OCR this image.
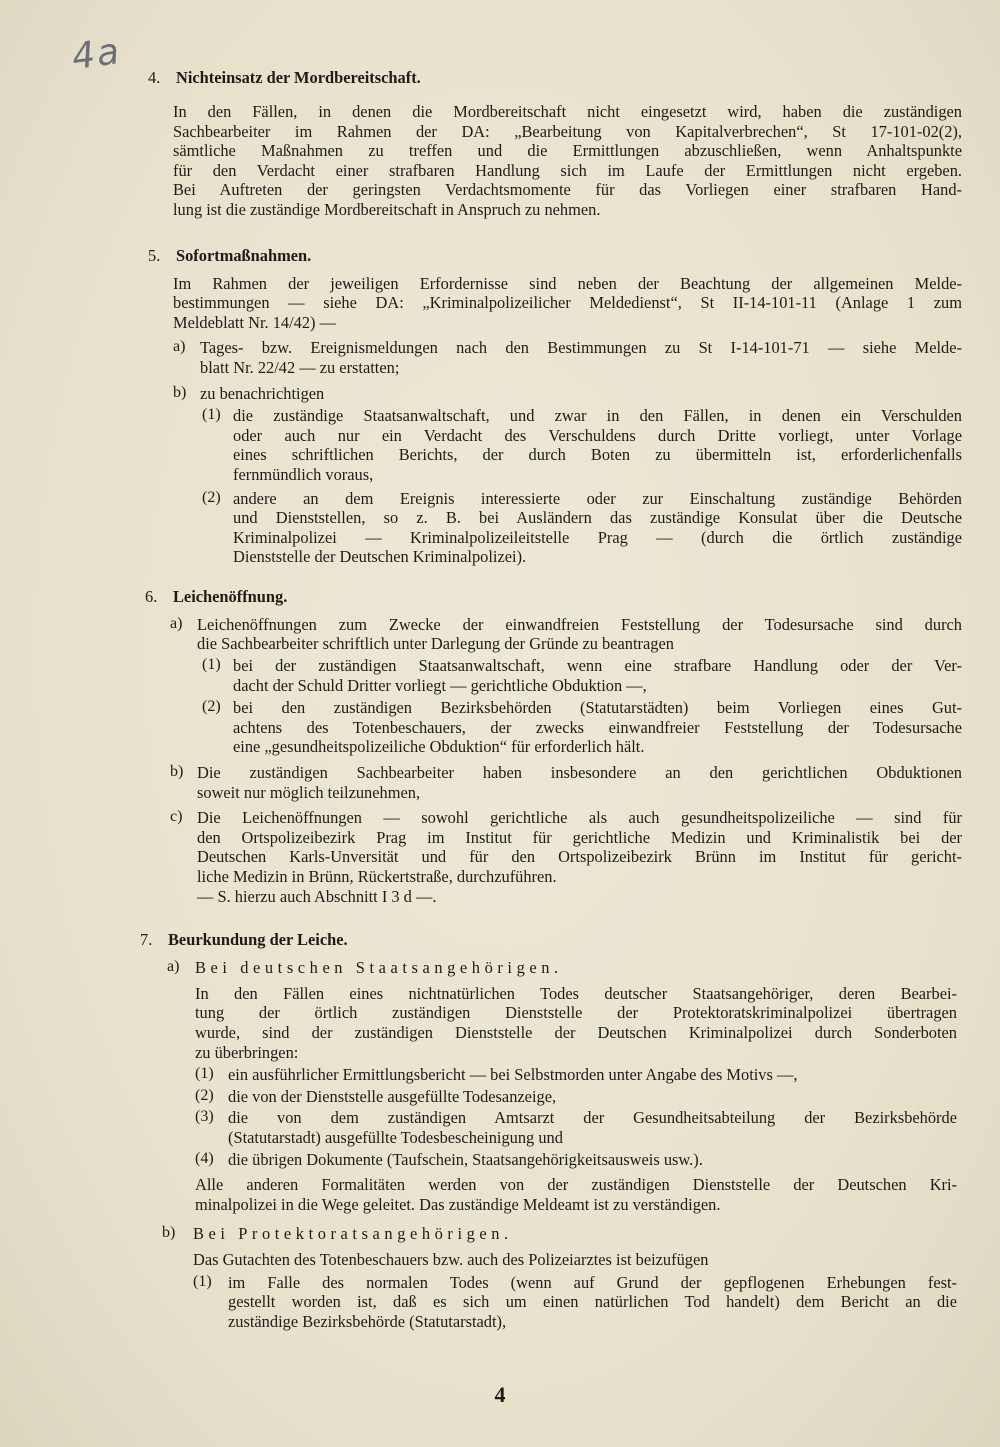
4a 4. Nichteinsatz der Mordbereitschaft.
In den Fällen, in denen die Mordbereitschaft nicht eingesetzt wird, haben die zuständigen
Sachbearbeiter im Rahmen der DA: „Bearbeitung von Kapitalverbrechen“, St 17-101-02(2),
sämtliche Maßnahmen zu treffen und die Ermittlungen abzuschließen, wenn Anhaltspunkte
für den Verdacht einer strafbaren Handlung sich im Laufe der Ermittlungen nicht ergeben.
Bei Auftreten der geringsten Verdachtsmomente für das Vorliegen einer strafbaren Hand-
lung ist die zuständige Mordbereitschaft in Anspruch zu nehmen.
5. Sofortmaßnahmen.
Im Rahmen der jeweiligen Erfordernisse sind neben der Beachtung der allgemeinen Melde-
bestimmungen — siehe DA: „Kriminalpolizeilicher Meldedienst“, St II-14-101-11 (Anlage 1 zum
Meldeblatt Nr. 14/42) —
a) Tages- bzw. Ereignismeldungen nach den Bestimmungen zu St I-14-101-71 — siehe Melde-
blatt Nr. 22/42 — zu erstatten;
b) zu benachrichtigen
(1) die zuständige Staatsanwaltschaft, und zwar in den Fällen, in denen ein Verschulden
oder auch nur ein Verdacht des Verschuldens durch Dritte vorliegt, unter Vorlage
eines schriftlichen Berichts, der durch Boten zu übermitteln ist, erforderlichenfalls
fernmündlich voraus,
(2) andere an dem Ereignis interessierte oder zur Einschaltung zuständige Behörden
und Dienststellen, so z. B. bei Ausländern das zuständige Konsulat über die Deutsche
Kriminalpolizei — Kriminalpolizeileitstelle Prag — (durch die örtlich zuständige
Dienststelle der Deutschen Kriminalpolizei).
6. Leichenöffnung.
a) Leichenöffnungen zum Zwecke der einwandfreien Feststellung der Todesursache sind durch
die Sachbearbeiter schriftlich unter Darlegung der Gründe zu beantragen
(1) bei der zuständigen Staatsanwaltschaft, wenn eine strafbare Handlung oder der Ver-
dacht der Schuld Dritter vorliegt — gerichtliche Obduktion —,
(2) bei den zuständigen Bezirksbehörden (Statutarstädten) beim Vorliegen eines Gut-
achtens des Totenbeschauers, der zwecks einwandfreier Feststellung der Todesursache
eine „gesundheitspolizeiliche Obduktion“ für erforderlich hält.
b) Die zuständigen Sachbearbeiter haben insbesondere an den gerichtlichen Obduktionen
soweit nur möglich teilzunehmen,
c) Die Leichenöffnungen — sowohl gerichtliche als auch gesundheitspolizeiliche — sind für
den Ortspolizeibezirk Prag im Institut für gerichtliche Medizin und Kriminalistik bei der
Deutschen Karls-Unversität und für den Ortspolizeibezirk Brünn im Institut für gericht-
liche Medizin in Brünn, Rückertstraße, durchzuführen.
— S. hierzu auch Abschnitt I 3 d —.
7. Beurkundung der Leiche.
a) Bei deutschen Staatsangehörigen.
In den Fällen eines nichtnatürlichen Todes deutscher Staatsangehöriger, deren Bearbei-
tung der örtlich zuständigen Dienststelle der Protektoratskriminalpolizei übertragen
wurde, sind der zuständigen Dienststelle der Deutschen Kriminalpolizei durch Sonderboten
zu überbringen:
(1) ein ausführlicher Ermittlungsbericht — bei Selbstmorden unter Angabe des Motivs —,
(2) die von der Dienststelle ausgefüllte Todesanzeige,
(3) die von dem zuständigen Amtsarzt der Gesundheitsabteilung der Bezirksbehörde
(Statutarstadt) ausgefüllte Todesbescheinigung und
(4) die übrigen Dokumente (Taufschein, Staatsangehörigkeitsausweis usw.).
Alle anderen Formalitäten werden von der zuständigen Dienststelle der Deutschen Kri-
minalpolizei in die Wege geleitet. Das zuständige Meldeamt ist zu verständigen.
b) Bei Protektoratsangehörigen.
Das Gutachten des Totenbeschauers bzw. auch des Polizeiarztes ist beizufügen
(1) im Falle des normalen Todes (wenn auf Grund der gepflogenen Erhebungen fest-
gestellt worden ist, daß es sich um einen natürlichen Tod handelt) dem Bericht an die
zuständige Bezirksbehörde (Statutarstadt),
4
